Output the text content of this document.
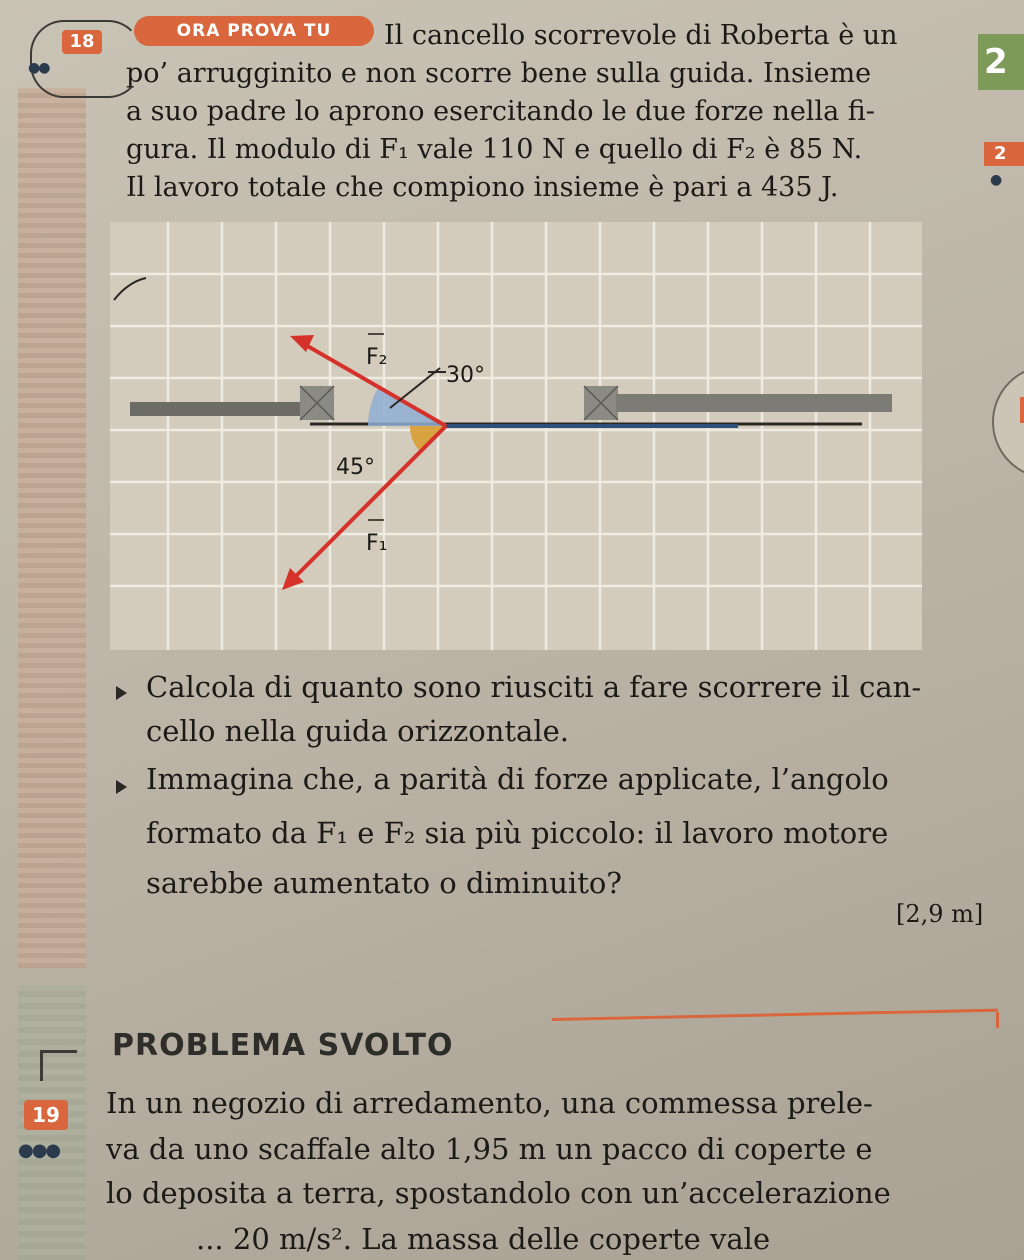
18
●●
ORA PROVA TU	Il cancello scorrevole di Roberta è un
po’ arrugginito e non scorre bene sulla guida. Insieme
a suo padre lo aprono esercitando le due forze nella fi-
gura. Il modulo di F₁ vale 110 N e quello di F₂ è 85 N.
Il lavoro totale che compiono insieme è pari a 435 J.
F₂
30°
45°
F₁
Calcola di quanto sono riusciti a fare scorrere il can-
cello nella guida orizzontale.
Immagina che, a parità di forze applicate, l’angolo
formato da F₁ e F₂ sia più piccolo: il lavoro motore
sarebbe aumentato o diminuito?
[2,9 m]
PROBLEMA SVOLTO
19
●●●
In un negozio di arredamento, una commessa prele-
va da uno scaffale alto 1,95 m un pacco di coperte e
lo deposita a terra, spostandolo con un’accelerazione
... 20 m/s². La massa delle coperte vale
2
2
●
